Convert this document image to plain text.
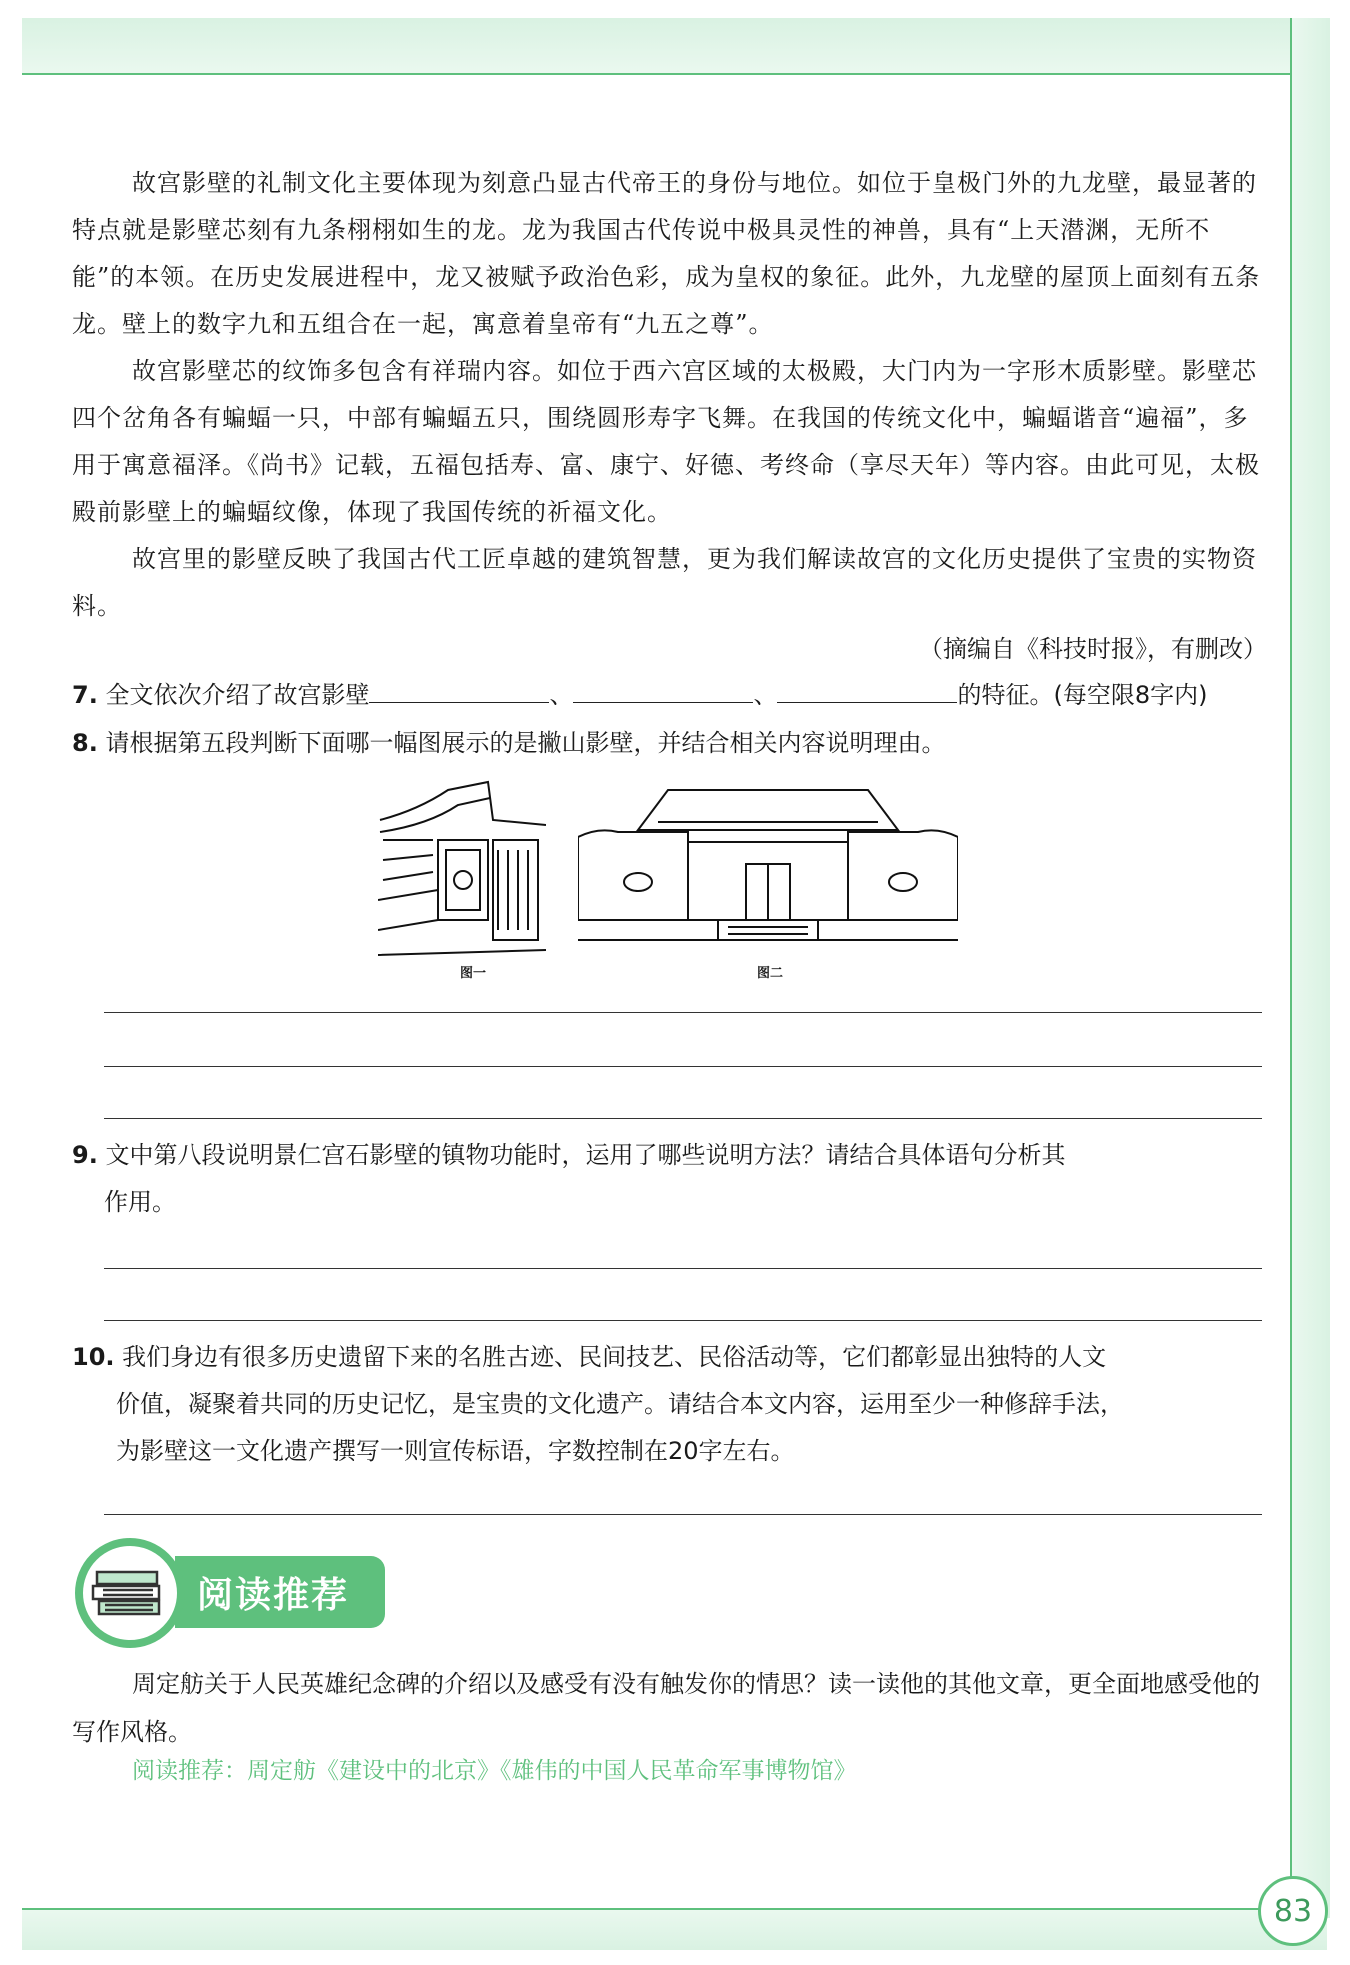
83

故宫影壁的礼制文化主要体现为刻意凸显古代帝王的身份与地位。如位于皇极门外的九龙壁，最显著的特点就是影壁芯刻有九条栩栩如生的龙。龙为我国古代传说中极具灵性的神兽，具有“上天潜渊，无所不能”的本领。在历史发展进程中，龙又被赋予政治色彩，成为皇权的象征。此外，九龙壁的屋顶上面刻有五条龙。壁上的数字九和五组合在一起，寓意着皇帝有“九五之尊”。

故宫影壁芯的纹饰多包含有祥瑞内容。如位于西六宫区域的太极殿，大门内为一字形木质影壁。影壁芯四个岔角各有蝙蝠一只，中部有蝙蝠五只，围绕圆形寿字飞舞。在我国的传统文化中，蝙蝠谐音“遍福”，多用于寓意福泽。《尚书》记载，五福包括寿、富、康宁、好德、考终命（享尽天年）等内容。由此可见，太极殿前影壁上的蝙蝠纹像，体现了我国传统的祈福文化。

故宫里的影壁反映了我国古代工匠卓越的建筑智慧，更为我们解读故宫的文化历史提供了宝贵的实物资料。

（摘编自《科技时报》，有删改）
7. 全文依次介绍了故宫影壁	、	、	的特征。(每空限8字内)
8. 请根据第五段判断下面哪一幅图展示的是撇山影壁，并结合相关内容说明理由。
图一	图二
9. 文中第八段说明景仁宫石影壁的镇物功能时，运用了哪些说明方法？请结合具体语句分析其
作用。
10. 我们身边有很多历史遗留下来的名胜古迹、民间技艺、民俗活动等，它们都彰显出独特的人文
价值，凝聚着共同的历史记忆，是宝贵的文化遗产。请结合本文内容，运用至少一种修辞手法，
为影壁这一文化遗产撰写一则宣传标语，字数控制在20字左右。
阅读推荐
周定舫关于人民英雄纪念碑的介绍以及感受有没有触发你的情思？读一读他的其他文章，更全面地感受他的写作风格。
阅读推荐：周定舫《建设中的北京》《雄伟的中国人民革命军事博物馆》
